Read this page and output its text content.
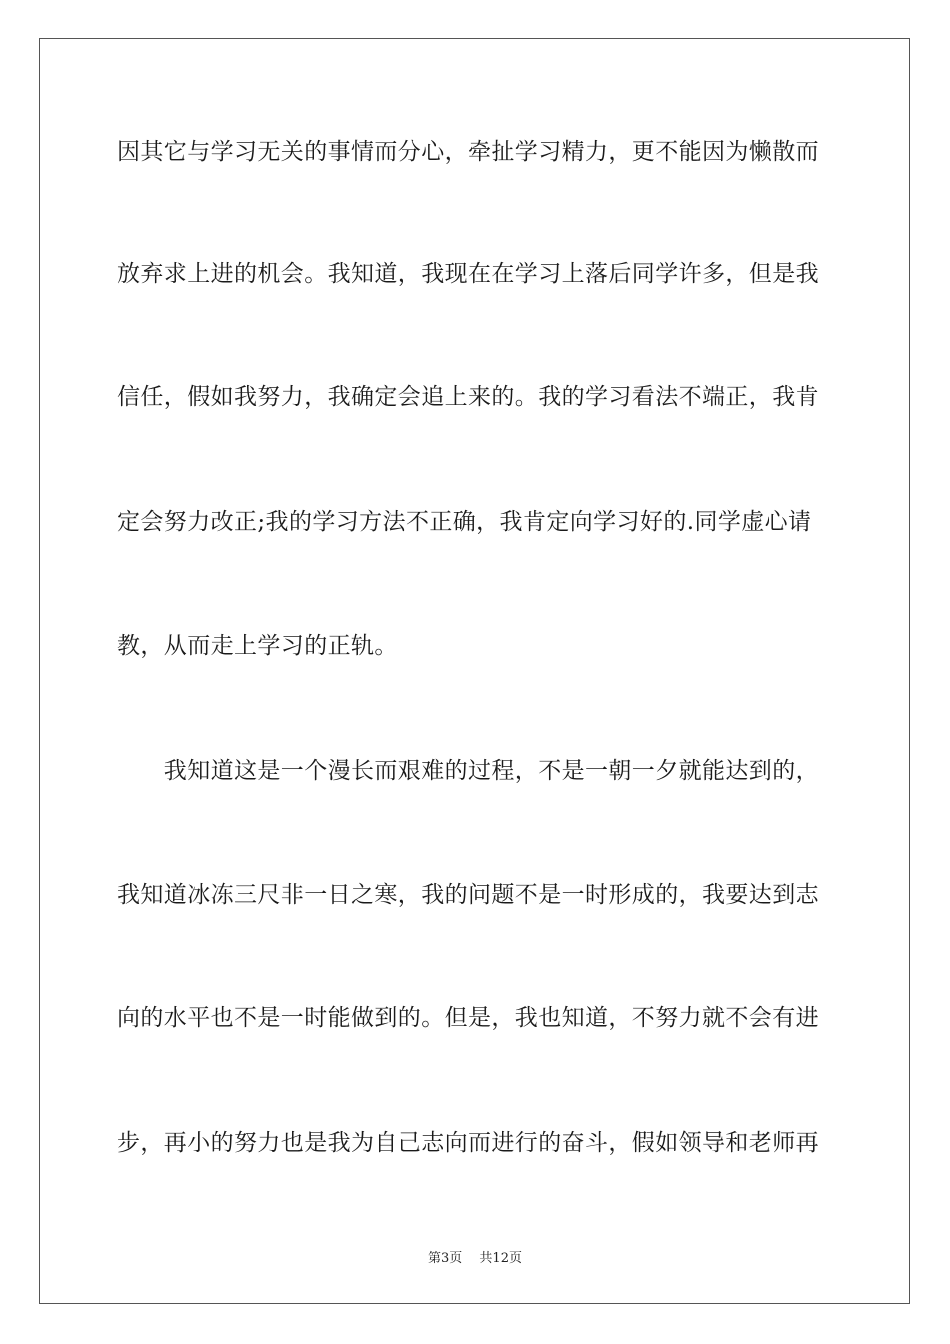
因其它与学习无关的事情而分心，牵扯学习精力，更不能因为懒散而
放弃求上进的机会。我知道，我现在在学习上落后同学许多，但是我
信任，假如我努力，我确定会追上来的。我的学习看法不端正，我肯
定会努力改正;我的学习方法不正确，我肯定向学习好的.同学虚心请
教，从而走上学习的正轨。
　　我知道这是一个漫长而艰难的过程，不是一朝一夕就能达到的，
我知道冰冻三尺非一日之寒，我的问题不是一时形成的，我要达到志
向的水平也不是一时能做到的。但是，我也知道，不努力就不会有进
步，再小的努力也是我为自己志向而进行的奋斗，假如领导和老师再
第3页　 共12页
